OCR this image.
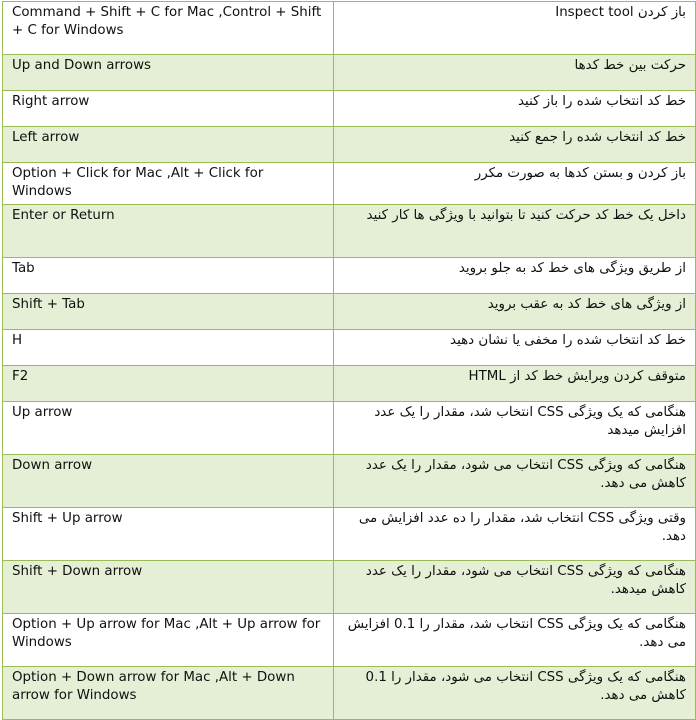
Command + Shift + C for Mac ,Control + Shift + C for Windows	باز کردن Inspect tool
Up and Down arrows	حرکت بین خط کدها
Right arrow	خط کد انتخاب شده را باز کنید
Left arrow	خط کد انتخاب شده را جمع کنید
Option + Click for Mac ,Alt + Click for Windows	باز کردن و بستن کدها به صورت مکرر
Enter or Return	داخل یک خط کد حرکت کنید تا بتوانید با ویژگی ها کار کنید
Tab	از طریق ویژگی های خط کد به جلو بروید
Shift + Tab	از ویژگی های خط کد به عقب بروید
H	خط کد انتخاب شده را مخفی یا نشان دهید
F2	متوقف کردن ویرایش خط کد از HTML
Up arrow	هنگامی که یک ویژگی CSS انتخاب شد، مقدار را یک عدد افزایش میدهد
Down arrow	هنگامی که ویژگی CSS انتخاب می شود، مقدار را یک عدد کاهش می دهد.
Shift + Up arrow	وقتی ویژگی CSS انتخاب شد، مقدار را ده عدد افزایش می دهد.
Shift + Down arrow	هنگامی که ویژگی CSS انتخاب می شود، مقدار را یک عدد کاهش میدهد.
Option + Up arrow for Mac ,Alt + Up arrow for Windows	هنگامی که یک ویژگی CSS انتخاب شد، مقدار را 0.1 افزایش می دهد.
Option + Down arrow for Mac ,Alt + Down arrow for Windows	هنگامی که یک ویژگی CSS انتخاب می شود، مقدار را 0.1 کاهش می دهد.
